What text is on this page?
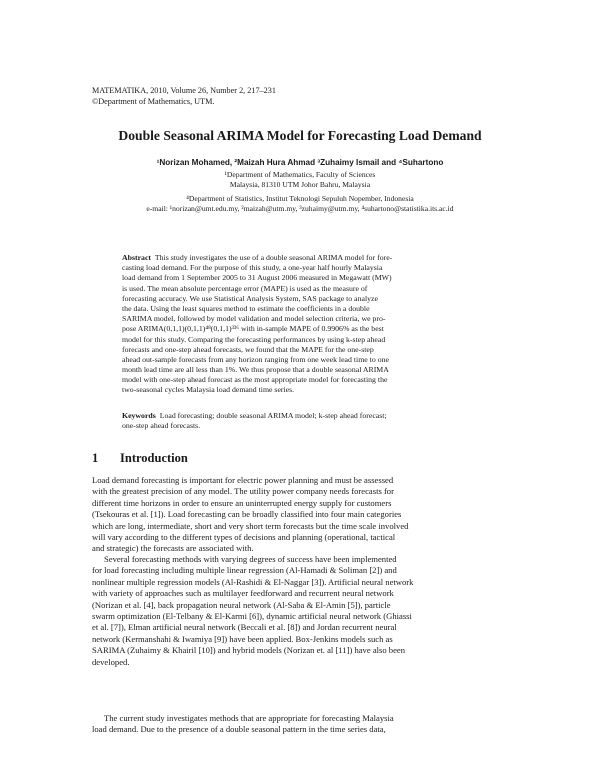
MATEMATIKA, 2010, Volume 26, Number 2, 217–231
©Department of Mathematics, UTM.
Double Seasonal ARIMA Model for Forecasting Load Demand
¹Norizan Mohamed, ²Maizah Hura Ahmad ³Zuhaimy Ismail and ⁴Suhartono
¹Department of Mathematics, Faculty of Sciences
Malaysia, 81310 UTM Johor Bahru, Malaysia
⁴Department of Statistics, Institut Teknologi Sepuluh Nopember, Indonesia
e-mail: ¹norizan@umt.edu.my, ²maizah@utm.my, ³zuhaimy@utm.my, ⁴suhartono@statistika.its.ac.id
Abstract This study investigates the use of a double seasonal ARIMA model for fore-
casting load demand. For the purpose of this study, a one-year half hourly Malaysia
load demand from 1 September 2005 to 31 August 2006 measured in Megawatt (MW)
is used. The mean absolute percentage error (MAPE) is used as the measure of
forecasting accuracy. We use Statistical Analysis System, SAS package to analyze
the data. Using the least squares method to estimate the coefficients in a double
SARIMA model, followed by model validation and model selection criteria, we pro-
pose ARIMA(0,1,1)(0,1,1)⁴⁸(0,1,1)³³⁶ with in-sample MAPE of 0.9906% as the best
model for this study. Comparing the forecasting performances by using k-step ahead
forecasts and one-step ahead forecasts, we found that the MAPE for the one-step
ahead out-sample forecasts from any horizon ranging from one week lead time to one
month lead time are all less than 1%. We thus propose that a double seasonal ARIMA
model with one-step ahead forecast as the most appropriate model for forecasting the
two-seasonal cycles Malaysia load demand time series.
Keywords Load forecasting; double seasonal ARIMA model; k-step ahead forecast;
one-step ahead forecasts.
1 Introduction
Load demand forecasting is important for electric power planning and must be assessed
with the greatest precision of any model. The utility power company needs forecasts for
different time horizons in order to ensure an uninterrupted energy supply for customers
(Tsekouras et al. [1]). Load forecasting can be broadly classified into four main categories
which are long, intermediate, short and very short term forecasts but the time scale involved
will vary according to the different types of decisions and planning (operational, tactical
and strategic) the forecasts are associated with.
Several forecasting methods with varying degrees of success have been implemented
for load forecasting including multiple linear regression (Al-Hamadi & Soliman [2]) and
nonlinear multiple regression models (Al-Rashidi & El-Naggar [3]). Artificial neural network
with variety of approaches such as multilayer feedforward and recurrent neural network
(Norizan et al. [4], back propagation neural network (Al-Saba & El-Amin [5]), particle
swarm optimization (El-Telbany & El-Karmi [6]), dynamic artificial neural network (Ghiassi
et al. [7]), Elman artificial neural network (Beccali et al. [8]) and Jordan recurrent neural
network (Kermanshahi & Iwamiya [9]) have been applied. Box-Jenkins models such as
SARIMA (Zuhaimy & Khairil [10]) and hybrid models (Norizan et. al [11]) have also been
developed.
The current study investigates methods that are appropriate for forecasting Malaysia
load demand. Due to the presence of a double seasonal pattern in the time series data,
